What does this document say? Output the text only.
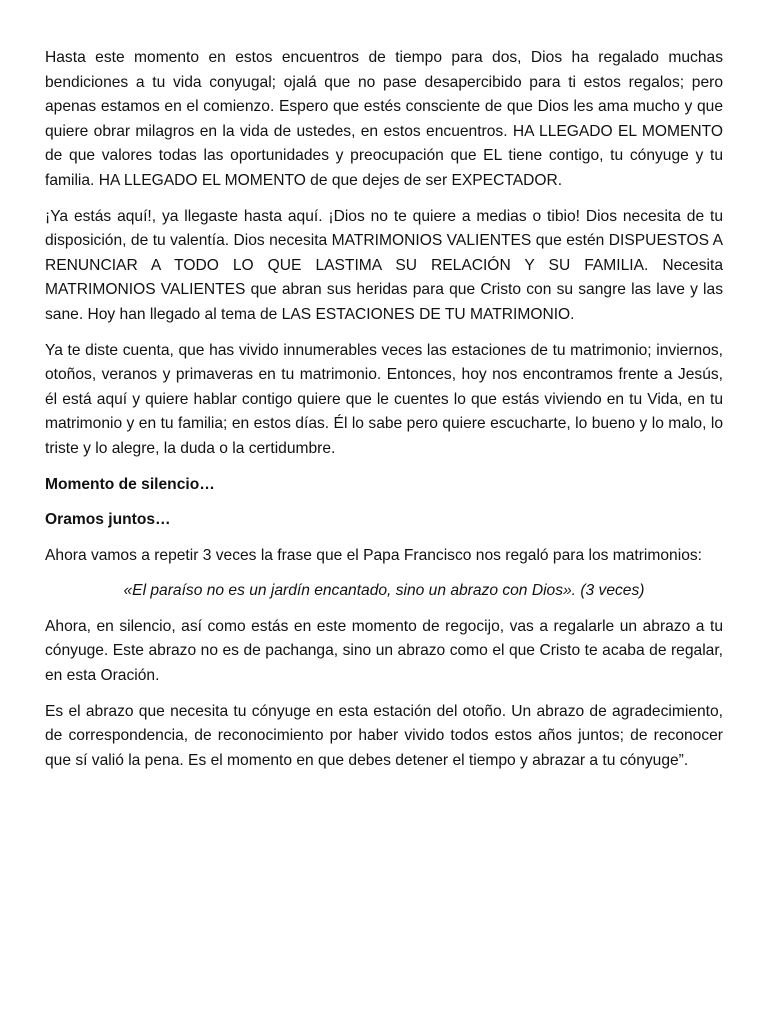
Hasta este momento en estos encuentros de tiempo para dos, Dios ha regalado muchas bendiciones a tu vida conyugal; ojalá que no pase desapercibido para ti estos regalos; pero apenas estamos en el comienzo. Espero que estés consciente de que Dios les ama mucho y que quiere obrar milagros en la vida de ustedes, en estos encuentros. HA LLEGADO EL MOMENTO de que valores todas las oportunidades y preocupación que EL tiene contigo, tu cónyuge y tu familia. HA LLEGADO EL MOMENTO de que dejes de ser EXPECTADOR.

¡Ya estás aquí!, ya llegaste hasta aquí. ¡Dios no te quiere a medias o tibio! Dios necesita de tu disposición, de tu valentía. Dios necesita MATRIMONIOS VALIENTES que estén DISPUESTOS A RENUNCIAR A TODO LO QUE LASTIMA SU RELACIÓN Y SU FAMILIA. Necesita MATRIMONIOS VALIENTES que abran sus heridas para que Cristo con su sangre las lave y las sane. Hoy han llegado al tema de LAS ESTACIONES DE TU MATRIMONIO.

Ya te diste cuenta, que has vivido innumerables veces las estaciones de tu matrimonio; inviernos, otoños, veranos y primaveras en tu matrimonio. Entonces, hoy nos encontramos frente a Jesús, él está aquí y quiere hablar contigo quiere que le cuentes lo que estás viviendo en tu Vida, en tu matrimonio y en tu familia; en estos días. Él lo sabe pero quiere escucharte, lo bueno y lo malo, lo triste y lo alegre, la duda o la certidumbre.

Momento de silencio…

Oramos juntos…

Ahora vamos a repetir 3 veces la frase que el Papa Francisco nos regaló para los matrimonios:

«El paraíso no es un jardín encantado, sino un abrazo con Dios». (3 veces)

Ahora, en silencio, así como estás en este momento de regocijo, vas a regalarle un abrazo a tu cónyuge. Este abrazo no es de pachanga, sino un abrazo como el que Cristo te acaba de regalar, en esta Oración.

Es el abrazo que necesita tu cónyuge en esta estación del otoño. Un abrazo de agradecimiento, de correspondencia, de reconocimiento por haber vivido todos estos años juntos; de reconocer que sí valió la pena. Es el momento en que debes detener el tiempo y abrazar a tu cónyuge”.
